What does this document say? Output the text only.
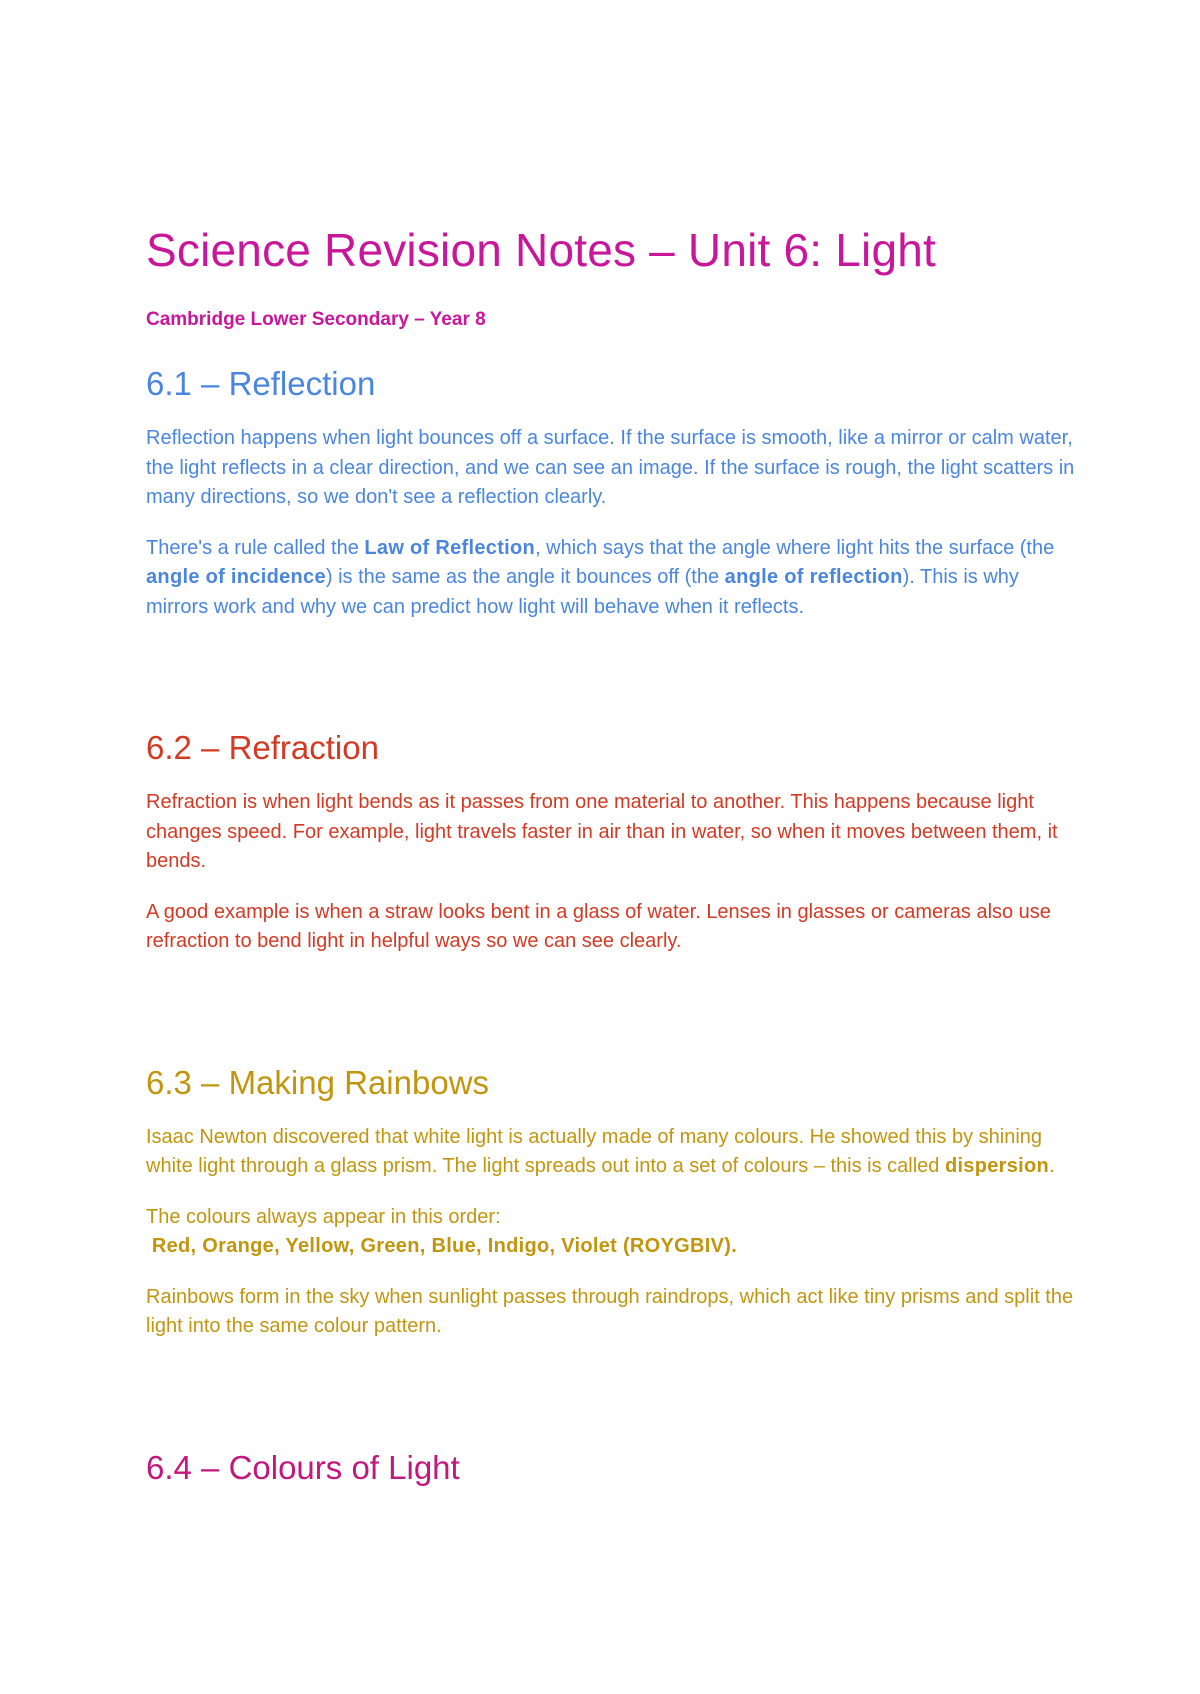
Science Revision Notes – Unit 6: Light
Cambridge Lower Secondary – Year 8
6.1 – Reflection

Reflection happens when light bounces off a surface. If the surface is smooth, like a mirror or calm water, the light reflects in a clear direction, and we can see an image. If the surface is rough, the light scatters in many directions, so we don't see a reflection clearly.

There's a rule called the Law of Reflection, which says that the angle where light hits the surface (the angle of incidence) is the same as the angle it bounces off (the angle of reflection). This is why mirrors work and why we can predict how light will behave when it reflects.

6.2 – Refraction

Refraction is when light bends as it passes from one material to another. This happens because light changes speed. For example, light travels faster in air than in water, so when it moves between them, it bends.

A good example is when a straw looks bent in a glass of water. Lenses in glasses or cameras also use refraction to bend light in helpful ways so we can see clearly.

6.3 – Making Rainbows

Isaac Newton discovered that white light is actually made of many colours. He showed this by shining white light through a glass prism. The light spreads out into a set of colours – this is called dispersion.

The colours always appear in this order:
Red, Orange, Yellow, Green, Blue, Indigo, Violet (ROYGBIV).

Rainbows form in the sky when sunlight passes through raindrops, which act like tiny prisms and split the light into the same colour pattern.

6.4 – Colours of Light
